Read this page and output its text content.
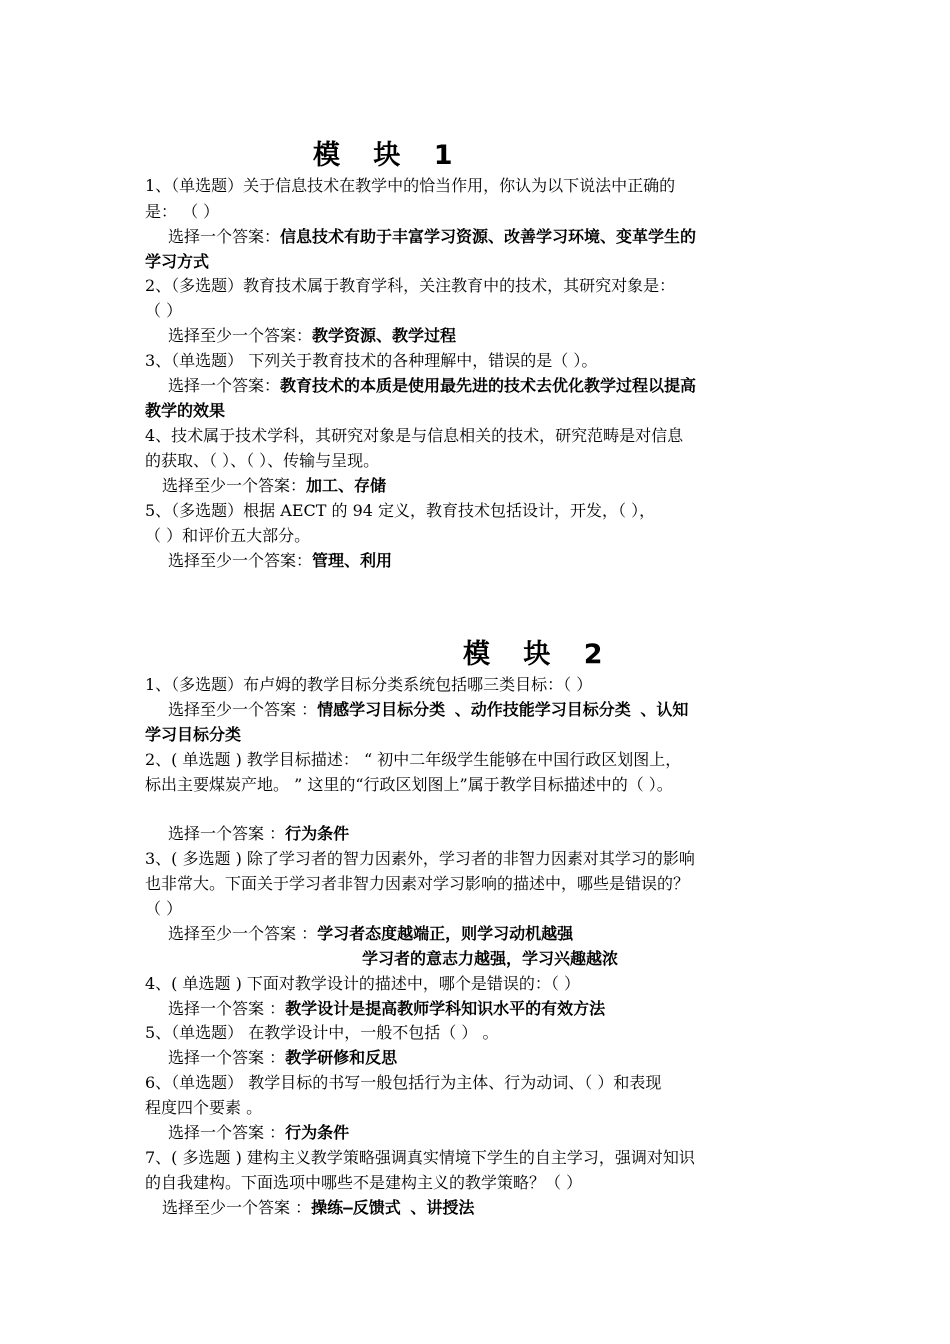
模 块 1
1、（单选题）关于信息技术在教学中的恰当作用，你认为以下说法中正确的
是： （ ）
选择一个答案：信息技术有助于丰富学习资源、改善学习环境、变革学生的
学习方式
2、（多选题）教育技术属于教育学科，关注教育中的技术，其研究对象是：
（ ）
选择至少一个答案：教学资源、教学过程
3、（单选题） 下列关于教育技术的各种理解中，错误的是（ ）。
选择一个答案：教育技术的本质是使用最先进的技术去优化教学过程以提高
教学的效果
4、技术属于技术学科，其研究对象是与信息相关的技术，研究范畴是对信息
的获取、（ ）、（ ）、传输与呈现。
选择至少一个答案：加工、存储
5、（多选题）根据 AECT 的 94 定义，教育技术包括设计，开发，（ ），
（ ）和评价五大部分。
选择至少一个答案：管理、利用
模 块 2
1、（多选题）布卢姆的教学目标分类系统包括哪三类目标：（ ）
选择至少一个答案 ：情感学习目标分类 、动作技能学习目标分类 、认知
学习目标分类
2、( 单选题 ) 教学目标描述： “ 初中二年级学生能够在中国行政区划图上，
标出主要煤炭产地。 ” 这里的“行政区划图上”属于教学目标描述中的（ ）。
选择一个答案 ：行为条件
3、( 多选题 ) 除了学习者的智力因素外，学习者的非智力因素对其学习的影响
也非常大。下面关于学习者非智力因素对学习影响的描述中，哪些是错误的？
（ ）
选择至少一个答案 ：学习者态度越端正，则学习动机越强
学习者的意志力越强，学习兴趣越浓
4、( 单选题 ) 下面对教学设计的描述中，哪个是错误的：（ ）
选择一个答案 ：教学设计是提高教师学科知识水平的有效方法
5、（单选题） 在教学设计中，一般不包括（ ） 。
选择一个答案 ：教学研修和反思
6、（单选题） 教学目标的书写一般包括行为主体、行为动词、（ ）和表现
程度四个要素 。
选择一个答案 ：行为条件
7、( 多选题 ) 建构主义教学策略强调真实情境下学生的自主学习，强调对知识
的自我建构。下面选项中哪些不是建构主义的教学策略？（ ）
选择至少一个答案 ：操练—反馈式 、讲授法
